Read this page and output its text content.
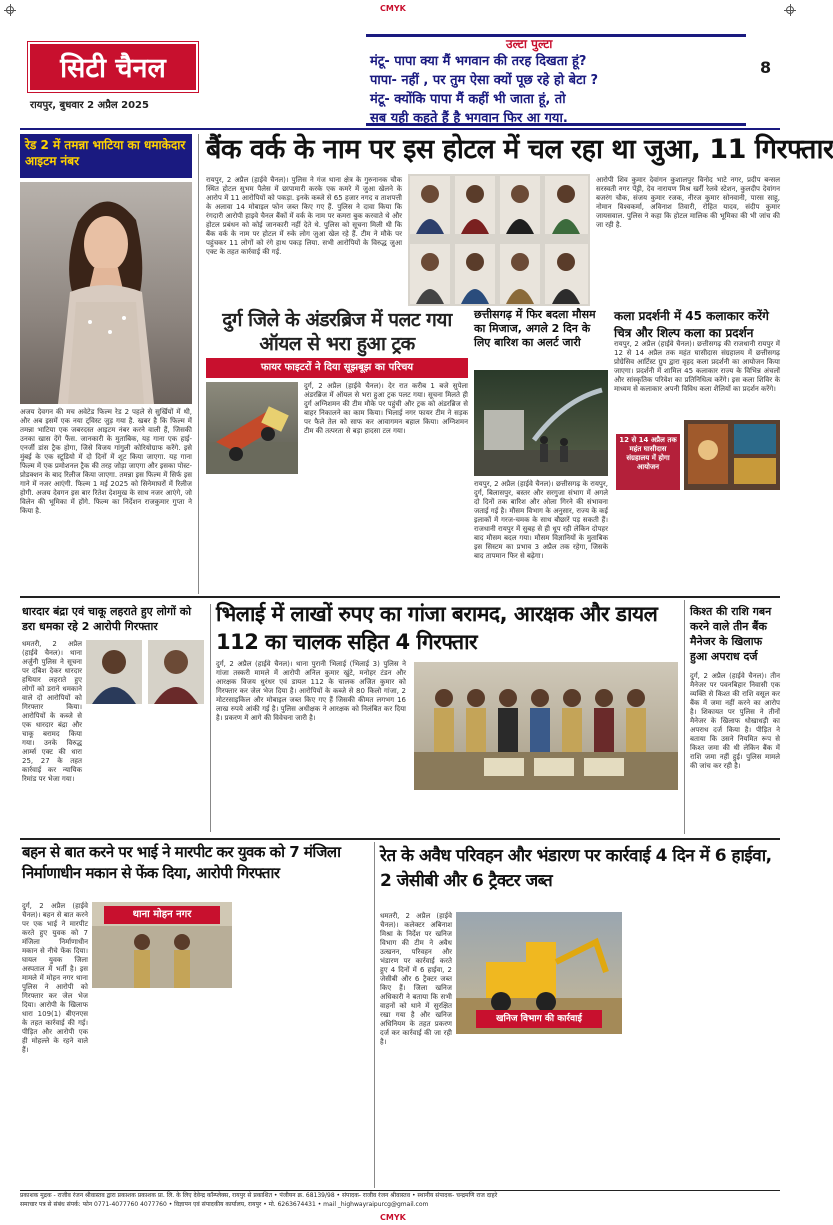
CMYK
सिटी चैनल
रायपुर, बुधवार 2 अप्रैल 2025
8
उल्टा पुल्टा
मंटू- पापा क्या मैं भगवान की तरह दिखता हूं?
पापा- नहीं , पर तुम ऐसा क्यों पूछ रहे हो बेटा ?
मंटू- क्योंकि पापा मैं कहीं भी जाता हूं, तो
सब यही कहते हैं है भगवान फिर आ गया.
रेड 2 में तमन्ना भाटिया का धमाकेदार आइटम नंबर
अजय देवगन की मच अवेटेड फिल्म रेड 2 पहले से सुर्खियों में थी, और अब इसमें एक नया ट्विस्ट जुड़ गया है. खबर है कि फिल्म में तमन्ना भाटिया एक जबरदस्त आइटम नंबर करने वाली हैं, जिसकी उनका खास देंगे फैंस. जानकारी के मुताबिक, यह गाना एक हाई-एनर्जी डांस ट्रैक होगा, जिसे विजय गांगुली कोरियोग्राफ करेंगे. इसे मुंबई के एक स्टूडियो में दो दिनों में शूट किया जाएगा. यह गाना फिल्म में एक प्रमोशनल ट्रैक की तरह जोड़ा जाएगा और इसका पोस्ट-प्रोडक्शन के बाद रिलीज किया जाएगा. तमन्ना इस फिल्म में सिर्फ इस गाने में नजर आएंगी. फिल्म 1 मई 2025 को सिनेमाघरों में रिलीज होगी. अजय देवगन इस बार रितेश देशमुख के साथ नजर आएंगे, जो विलेन की भूमिका में होंगे. फिल्म का निर्देशन राजकुमार गुप्ता ने किया है.
बैंक वर्क के नाम पर इस होटल में चल रहा था जुआ, 11 गिरफ्तार
रायपुर, 2 अप्रैल (हाईवे चैनल)। पुलिस ने गंज थाना क्षेत्र के गुरुनानक चौक स्थित होटल सुभम पैलेस में छापामारी करके एक कमरे में जुआ खेलने के आरोप में 11 आरोपियों को पकड़ा. इनके कब्जे से 65 हजार नगद व ताशपत्ती के अलावा 14 मोबाइल फोन जब्त किए गए हैं. पुलिस ने दावा किया कि रंगदारी आरोपी हाइवे चैनल बैंकों में वर्क के नाम पर कमरा बुक करवाते थे और होटल प्रबंधन को कोई जानकारी नहीं देते थे. पुलिस को सूचना मिली थी कि बैंक वर्क के नाम पर होटल में रुके लोग जुआ खेल रहे हैं. टीम ने मौके पर पहुंचकर 11 लोगों को रंगे हाथ पकड़ लिया. सभी आरोपियों के विरुद्ध जुआ एक्ट के तहत कार्रवाई की गई.
आरोपी शिव कुमार देवांगन कुशालपुर विनोद भाटे नगर, प्रदीप बन्सल सरस्वती नगर पेंड्री, देव नारायण मिश्र खर्री रेलवे स्टेशन, कुलदीप देवांगन बजरंग चौक, संजय कुमार रजक, नीरज कुमार सोनवानी, पारस साहू, नोमान विश्वकर्मा, अविनाश तिवारी, रोहित यादव, संदीप कुमार जायसवाल. पुलिस ने कहा कि होटल मालिक की भूमिका की भी जांच की जा रही है.
दुर्ग जिले के अंडरब्रिज में पलट गया ऑयल से भरा हुआ ट्रक
फायर फाइटरों ने दिया सूझबूझ का परिचय
दुर्ग, 2 अप्रैल (हाईवे चैनल)। देर रात करीब 1 बजे सुपेला अंडरब्रिज में ऑयल से भरा हुआ ट्रक पलट गया। सूचना मिलते ही दुर्ग अग्निशमन की टीम मौके पर पहुंची और ट्रक को अंडरब्रिज से बाहर निकालने का काम किया। भिलाई नगर फायर टीम ने सड़क पर फैले तेल को साफ कर आवागमन बहाल किया। अग्निशमन टीम की तत्परता से बड़ा हादसा टल गया।
छत्तीसगढ़ में फिर बदला मौसम का मिजाज, अगले 2 दिन के लिए बारिश का अलर्ट जारी
रायपुर, 2 अप्रैल (हाईवे चैनल)। छत्तीसगढ़ के रायपुर, दुर्ग, बिलासपुर, बस्तर और सरगुजा संभाग में अगले दो दिनों तक बारिश और ओला गिरने की संभावना जताई गई है। मौसम विभाग के अनुसार, राज्य के कई इलाकों में गरज-चमक के साथ बौछारें पड़ सकती हैं। राजधानी रायपुर में सुबह से ही धूप रही लेकिन दोपहर बाद मौसम बदल गया। मौसम विज्ञानियों के मुताबिक इस सिस्टम का प्रभाव 3 अप्रैल तक रहेगा, जिसके बाद तापमान फिर से बढ़ेगा।
कला प्रदर्शनी में 45 कलाकार करेंगे चित्र और शिल्प कला का प्रदर्शन
12 से 14 अप्रैल तक महंत घासीदास संग्रहालय में होगा आयोजन
रायपुर, 2 अप्रैल (हाईवे चैनल)। छत्तीसगढ़ की राजधानी रायपुर में 12 से 14 अप्रैल तक महंत घासीदास संग्रहालय में छत्तीसगढ़ प्रोग्रेसिव आर्टिस्ट ग्रुप द्वारा वृहद कला प्रदर्शनी का आयोजन किया जाएगा। प्रदर्शनी में शामिल 45 कलाकार राज्य के विभिन्न अंचलों और सांस्कृतिक परिवेश का प्रतिनिधित्व करेंगे। इस कला शिविर के माध्यम से कलाकार अपनी विविध कला शैलियों का प्रदर्शन करेंगे।
धारदार बंद्रा एवं चाकू लहराते हुए लोगों को डरा धमका रहे 2 आरोपी गिरफ्तार
धमतरी, 2 अप्रैल (हाईवे चैनल)। थाना अर्जुनी पुलिस ने सूचना पर दबिश देकर धारदार हथियार लहराते हुए लोगों को डराने धमकाने वाले दो आरोपियों को गिरफ्तार किया। आरोपियों के कब्जे से एक धारदार बंद्रा और चाकू बरामद किया गया। उनके विरुद्ध आर्म्स एक्ट की धारा 25, 27 के तहत कार्रवाई कर न्यायिक रिमांड पर भेजा गया।
भिलाई में लाखों रुपए का गांजा बरामद, आरक्षक और डायल 112 का चालक सहित 4 गिरफ्तार
दुर्ग, 2 अप्रैल (हाईवे चैनल)। थाना पुरानी भिलाई (भिलाई 3) पुलिस ने गांजा तस्करी मामले में आरोपी अनिल कुमार खुंटे, मनोहर टंडन और आरक्षक विजय धुरंधर एवं डायल 112 के चालक अजित कुमार को गिरफ्तार कर जेल भेज दिया है। आरोपियों के कब्जे से 80 किलो गांजा, 2 मोटरसाइकिल और मोबाइल जब्त किए गए हैं जिसकी कीमत लगभग 16 लाख रुपये आंकी गई है। पुलिस अधीक्षक ने आरक्षक को निलंबित कर दिया है। प्रकरण में आगे की विवेचना जारी है।
किश्त की राशि गबन करने वाले तीन बैंक मैनेजर के खिलाफ हुआ अपराध दर्ज
दुर्ग, 2 अप्रैल (हाईवे चैनल)। तीन मैनेजर पर पवनबिहार निवासी एक व्यक्ति से किश्त की राशि वसूल कर बैंक में जमा नहीं करने का आरोप है। शिकायत पर पुलिस ने तीनों मैनेजर के खिलाफ धोखाधड़ी का अपराध दर्ज किया है। पीड़ित ने बताया कि उसने नियमित रूप से किश्त जमा की थी लेकिन बैंक में राशि जमा नहीं हुई। पुलिस मामले की जांच कर रही है।
बहन से बात करने पर भाई ने मारपीट कर युवक को 7 मंजिला निर्माणाधीन मकान से फेंक दिया, आरोपी गिरफ्तार
थाना मोहन नगर
दुर्ग, 2 अप्रैल (हाईवे चैनल)। बहन से बात करने पर एक भाई ने मारपीट करते हुए युवक को 7 मंजिला निर्माणाधीन मकान से नीचे फेंक दिया। घायल युवक जिला अस्पताल में भर्ती है। इस मामले में मोहन नगर थाना पुलिस ने आरोपी को गिरफ्तार कर जेल भेज दिया। आरोपी के खिलाफ धारा 109(1) बीएनएस के तहत कार्रवाई की गई। पीड़ित और आरोपी एक ही मोहल्ले के रहने वाले हैं।
रेत के अवैध परिवहन और भंडारण पर कार्रवाई 4 दिन में 6 हाईवा, 2 जेसीबी और 6 ट्रैक्टर जब्त
खनिज विभाग की कार्रवाई
धमतरी, 2 अप्रैल (हाईवे चैनल)। कलेक्टर अबिनाश मिश्रा के निर्देश पर खनिज विभाग की टीम ने अवैध उत्खनन, परिवहन और भंडारण पर कार्रवाई करते हुए 4 दिनों में 6 हाईवा, 2 जेसीबी और 6 ट्रैक्टर जब्त किए हैं। जिला खनिज अधिकारी ने बताया कि सभी वाहनों को थाने में सुरक्षित रखा गया है और खनिज अधिनियम के तहत प्रकरण दर्ज कर कार्रवाई की जा रही है।
प्रकाशक मुद्रक - राजीव रंजन श्रीवास्तव द्वारा प्रकाशक प्रकाशक प्रा. लि. के लिए देवेन्द्र कॉम्प्लेक्स, रायपुर से प्रकाशित • पंजीयन क्र. 68139/98 • संपादक- राजीव रंजन श्रीवास्तव • स्थानीय संपादक- चन्द्रमणि राज दाहरे
समाचार पत्र से संबंध संपर्क: फोन 0771-4077760 4077760 • विज्ञापन एवं संपादकीय कार्यालय, रायपुर • मो. 6263674431 • mail _highwayraipurcg@gmail.com
CMYK
